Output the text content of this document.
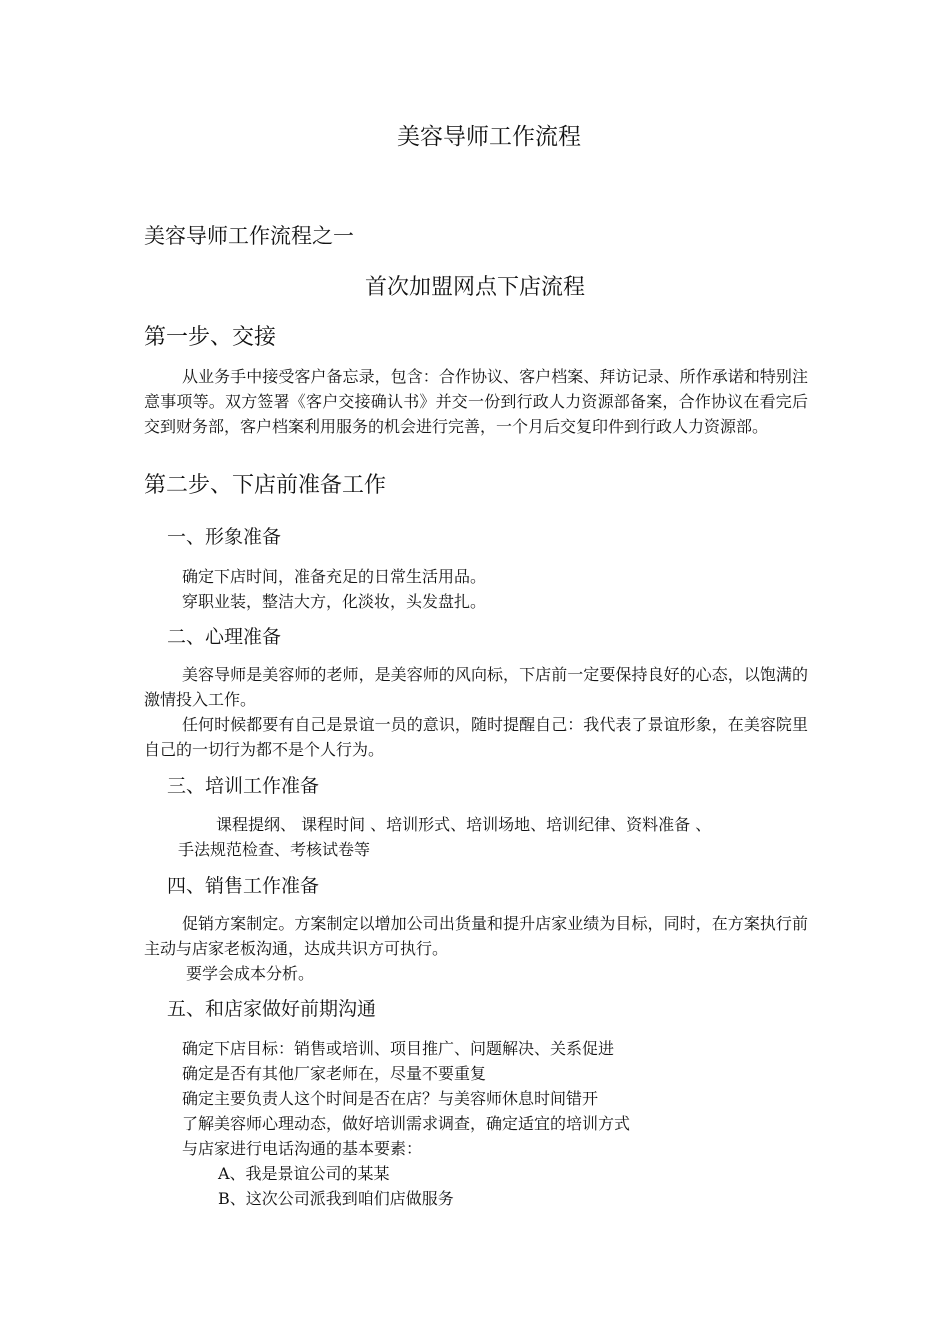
美容导师工作流程
美容导师工作流程之一
首次加盟网点下店流程
第一步、交接

从业务手中接受客户备忘录，包含：合作协议、客户档案、拜访记录、所作承诺和特别注意事项等。双方签署《客户交接确认书》并交一份到行政人力资源部备案，合作协议在看完后交到财务部，客户档案利用服务的机会进行完善，一个月后交复印件到行政人力资源部。

第二步、下店前准备工作
一、形象准备
确定下店时间，准备充足的日常生活用品。
穿职业装，整洁大方，化淡妆，头发盘扎。
二、心理准备

美容导师是美容师的老师，是美容师的风向标，下店前一定要保持良好的心态，以饱满的激情投入工作。

任何时候都要有自己是景谊一员的意识，随时提醒自己：我代表了景谊形象，在美容院里自己的一切行为都不是个人行为。

三、培训工作准备
课程提纲、 课程时间 、培训形式、培训场地、培训纪律、资料准备 、
手法规范检查、考核试卷等
四、销售工作准备

促销方案制定。方案制定以增加公司出货量和提升店家业绩为目标，同时，在方案执行前主动与店家老板沟通，达成共识方可执行。

要学会成本分析。
五、和店家做好前期沟通
确定下店目标：销售或培训、项目推广、问题解决、关系促进
确定是否有其他厂家老师在，尽量不要重复
确定主要负责人这个时间是否在店？与美容师休息时间错开
了解美容师心理动态，做好培训需求调查，确定适宜的培训方式
与店家进行电话沟通的基本要素：
A、我是景谊公司的某某
B、这次公司派我到咱们店做服务
